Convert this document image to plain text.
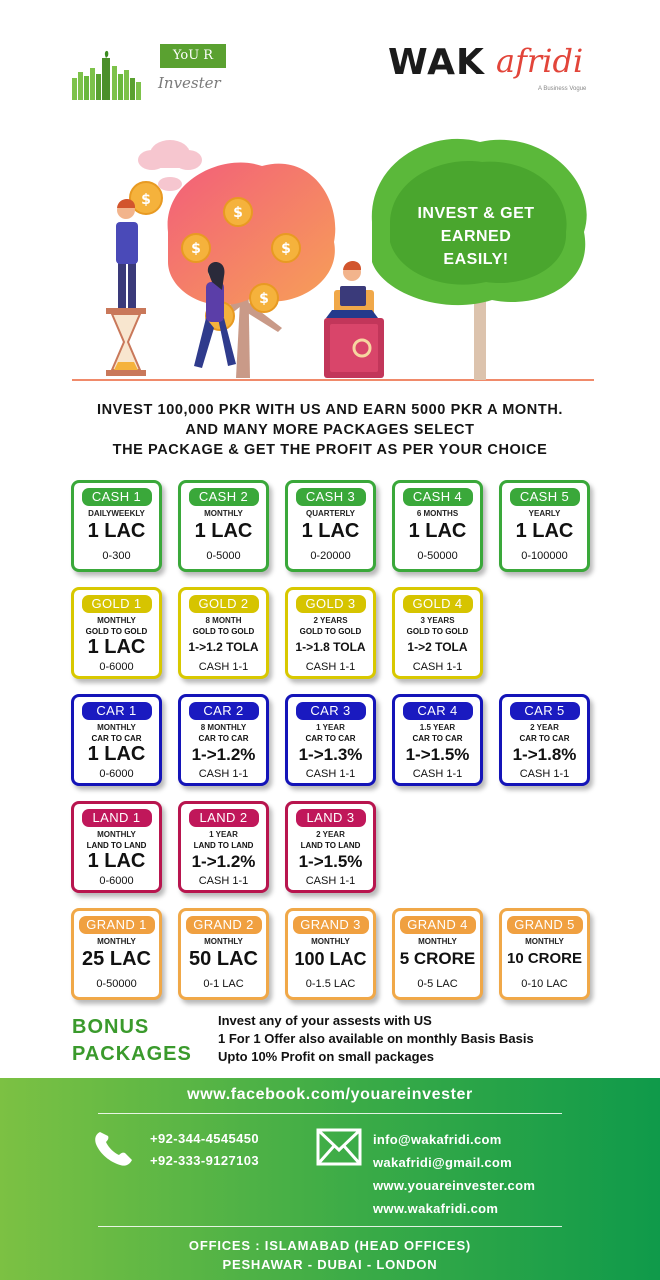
YoU R
Invester	WAK afridi
A Business Vogue
$
$	$
$
$
INVEST & GET
EARNED
EASILY!
INVEST 100,000 PKR WITH US AND EARN 5000 PKR A MONTH.
AND MANY MORE PACKAGES SELECT
THE PACKAGE & GET THE PROFIT AS PER YOUR CHOICE
CASH 1
DAILYWEEKLY
1 LAC
0-300
CASH 2
MONTHLY
1 LAC
0-5000
CASH 3
QUARTERLY
1 LAC
0-20000
CASH 4
6 MONTHS
1 LAC
0-50000
CASH 5
YEARLY
1 LAC
0-100000
GOLD 1
MONTHLY
GOLD TO GOLD
1 LAC
0-6000
GOLD 2
8 MONTH
GOLD TO GOLD
1->1.2 TOLA
CASH 1-1
GOLD 3
2 YEARS
GOLD TO GOLD
1->1.8 TOLA
CASH 1-1
GOLD 4
3 YEARS
GOLD TO GOLD
1->2 TOLA
CASH 1-1
CAR 1
MONTHLY
CAR TO CAR
1 LAC
0-6000
CAR 2
8 MONTHLY
CAR TO CAR
1->1.2%
CASH 1-1
CAR 3
1 YEAR
CAR TO CAR
1->1.3%
CASH 1-1
CAR 4
1.5 YEAR
CAR TO CAR
1->1.5%
CASH 1-1
CAR 5
2 YEAR
CAR TO CAR
1->1.8%
CASH 1-1
LAND 1
MONTHLY
LAND TO LAND
1 LAC
0-6000
LAND 2
1 YEAR
LAND TO LAND
1->1.2%
CASH 1-1
LAND 3
2 YEAR
LAND TO LAND
1->1.5%
CASH 1-1
GRAND 1
MONTHLY
25 LAC
0-50000
GRAND 2
MONTHLY
50 LAC
0-1 LAC
GRAND 3
MONTHLY
100 LAC
0-1.5 LAC
GRAND 4
MONTHLY
5 CRORE
0-5 LAC
GRAND 5
MONTHLY
10 CRORE
0-10 LAC
BONUS
PACKAGES
Invest any of your assests with US
1 For 1 Offer also available on monthly Basis Basis
Upto 10% Profit on small packages
www.facebook.com/youareinvester
+92-344-4545450
+92-333-9127103
info@wakafridi.com
wakafridi@gmail.com
www.youareinvester.com
www.wakafridi.com
OFFICES : ISLAMABAD (HEAD OFFICES)
PESHAWAR - DUBAI - LONDON
